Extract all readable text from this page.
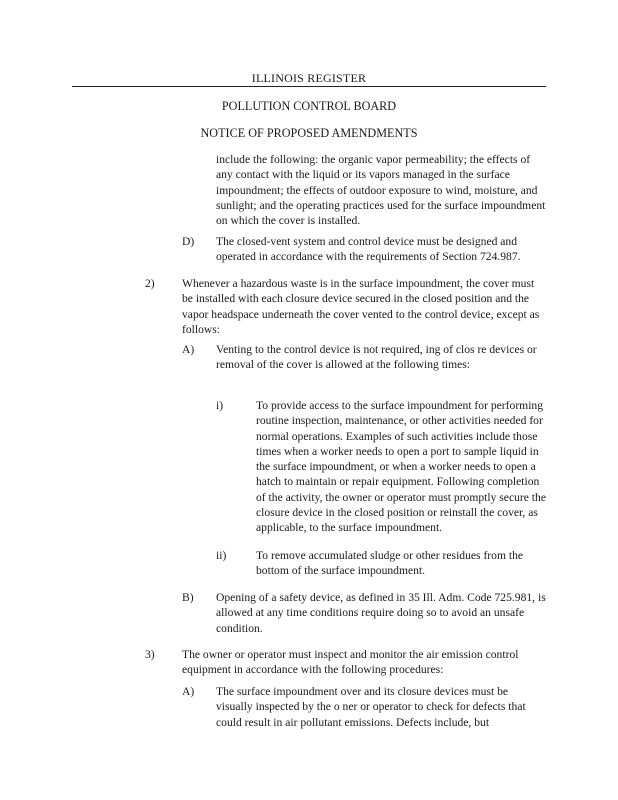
ILLINOIS REGISTER
POLLUTION CONTROL BOARD
NOTICE OF PROPOSED AMENDMENTS

include the following: the organic vapor permeability; the effects of any contact with the liquid or its vapors managed in the surface impoundment; the effects of outdoor exposure to wind, moisture, and sunlight; and the operating practices used for the surface impoundment on which the cover is installed.

D) The closed-vent system and control device must be designed and operated in accordance with the requirements of Section 724.987.

2) Whenever a hazardous waste is in the surface impoundment, the cover must be installed with each closure device secured in the closed position and the vapor headspace underneath the cover vented to the control device, except as follows:

A) Venting to the control device is not required, ing of clos re devices or removal of the cover is allowed at the following times:

i)	To provide access to the surface impoundment for performing routine inspection, maintenance, or other activities needed for normal operations. Examples of such activities include those times when a worker needs to open a port to sample liquid in the surface impoundment, or when a worker needs to open a hatch to maintain or repair equipment. Following completion of the activity, the owner or operator must promptly secure the closure device in the closed position or reinstall the cover, as applicable, to the surface impoundment.

ii)	To remove accumulated sludge or other residues from the bottom of the surface impoundment.

B) Opening of a safety device, as defined in 35 Ill. Adm. Code 725.981, is allowed at any time conditions require doing so to avoid an unsafe condition.

3) The owner or operator must inspect and monitor the air emission control equipment in accordance with the following procedures:

A) The surface impoundment over and its closure devices must be visually inspected by the o ner or operator to check for defects that could result in air pollutant emissions. Defects include, but
